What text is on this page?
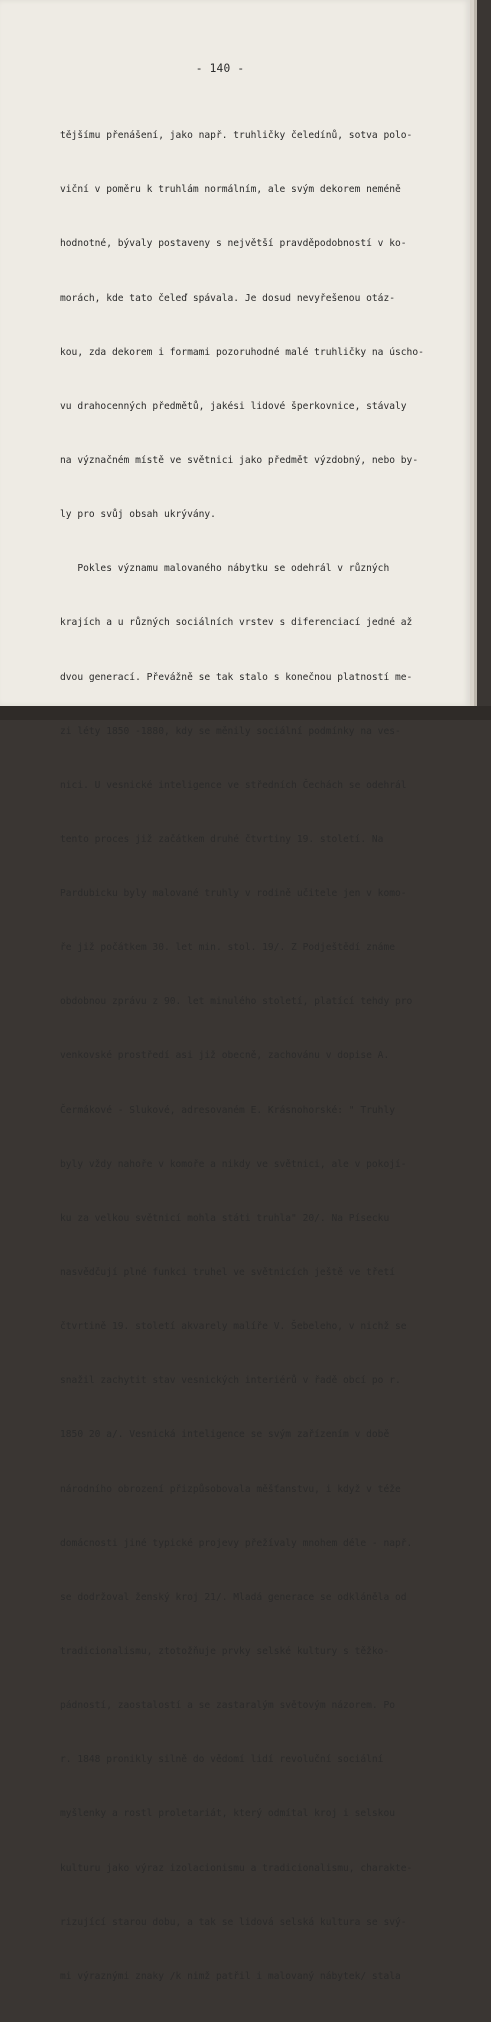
- 140 -

tějšímu přenášení, jako např. truhličky čeledínů, sotva polo-

viční v poměru k truhlám normálním, ale svým dekorem neméně

hodnotné, bývaly postaveny s největší pravděpodobností v ko-

morách, kde tato čeleď spávala. Je dosud nevyřešenou otáz-

kou, zda dekorem i formami pozoruhodné malé truhličky na úscho-

vu drahocenných předmětů, jakési lidové šperkovnice, stávaly

na význačném místě ve světnici jako předmět výzdobný, nebo by-

ly pro svůj obsah ukrývány.

Pokles významu malovaného nábytku se odehrál v různých

krajích a u různých sociálních vrstev s diferenciací jedné až

dvou generací. Převážně se tak stalo s konečnou platností me-

zi léty 1850 -1880, kdy se měnily sociální podmínky na ves-

nici. U vesnické inteligence ve středních Čechách se odehrál

tento proces již začátkem druhé čtvrtiny 19. století. Na

Pardubicku byly malované truhly v rodině učitele jen v komo-

ře již počátkem 30. let min. stol. 19/. Z Podještědí známe

obdobnou zprávu z 90. let minulého století, platící tehdy pro

venkovské prostředí asi již obecně, zachovánu v dopise A.

Čermákové - Slukové, adresovaném E. Krásnohorské: " Truhly

byly vždy nahoře v komoře a nikdy ve světnici, ale v pokojí-

ku za velkou světnicí mohla státi truhla" 20/. Na Písecku

nasvědčují plné funkci truhel ve světnicích ještě ve třetí

čtvrtině 19. století akvarely malíře V. Šebeleho, v nichž se

snažil zachytit stav vesnických interiérů v řadě obcí po r.

1850 20 a/. Vesnická inteligence se svým zařízením v době

národního obrození přizpůsobovala měšťanstvu, i když v téže

domácnosti jiné typické projevy přežívaly mnohem déle - např.

se dodržoval ženský kroj 21/. Mladá generace se odkláněla od

tradicionalismu, ztotožňuje prvky selské kultury s těžko-

pádností, zaostalostí a se zastaralým světovým názorem. Po

r. 1848 pronikly silně do vědomí lidí revoluční sociální

myšlenky a rostl proletariát, který odmítal kroj i selskou

kulturu jako výraz izolacionismu a tradicionalismu, charakte-

rizující starou dobu, a tak se lidová selská kultura se svý-

mi výraznými znaky /k nimž patřil i malovaný nábytek/ stala
